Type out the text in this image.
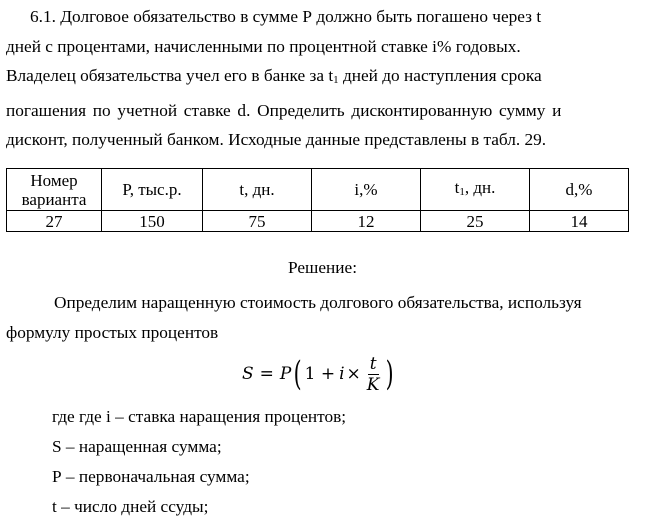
6.1. Долговое обязательство в сумме Р должно быть погашено через t
дней с процентами, начисленными по процентной ставке i% годовых.
Владелец обязательства учел его в банке за $t_1$ дней до наступления срока
погашения по учетной ставке d. Определить дисконтированную сумму и
дисконт, полученный банком. Исходные данные представлены в табл. 29.
Номер варианта	Р, тыс.р.	t, дн.	i,%	$t_1$, дн.	d,%
27	150	75	12	25	14

Решение:

Определим наращенную стоимость долгового обязательства, используя
формулу простых процентов
S = P ( $1 + i \times \frac{t}{K}$ )

где где i – ставка наращения процентов;

S – наращенная сумма;

Р – первоначальная сумма;

t – число дней ссуды;
